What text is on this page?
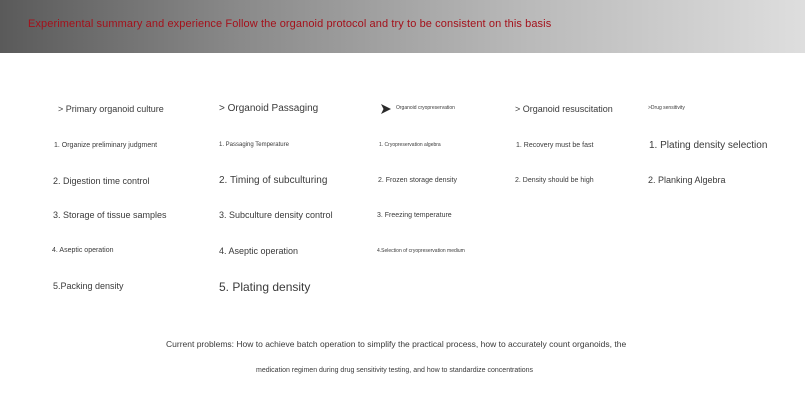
Experimental summary and experience Follow the organoid protocol and try to be consistent on this basis
> Primary organoid culture
1. Organize preliminary judgment
2. Digestion time control
3. Storage of tissue samples
4. Aseptic operation
5.Packing density
> Organoid Passaging
1. Passaging Temperature
2. Timing of subculturing
3. Subculture density control
4. Aseptic operation
5. Plating density
Organoid cryopreservation
1. Cryopreservation algebra
2. Frozen storage density
3. Freezing temperature
4.Selection of cryopreservation medium
> Organoid resuscitation
1. Recovery must be fast
2. Density should be high
>Drug sensitivity
1. Plating density selection
2. Planking Algebra
Current problems: How to achieve batch operation to simplify the practical process, how to accurately count organoids, the
medication regimen during drug sensitivity testing, and how to standardize concentrations
